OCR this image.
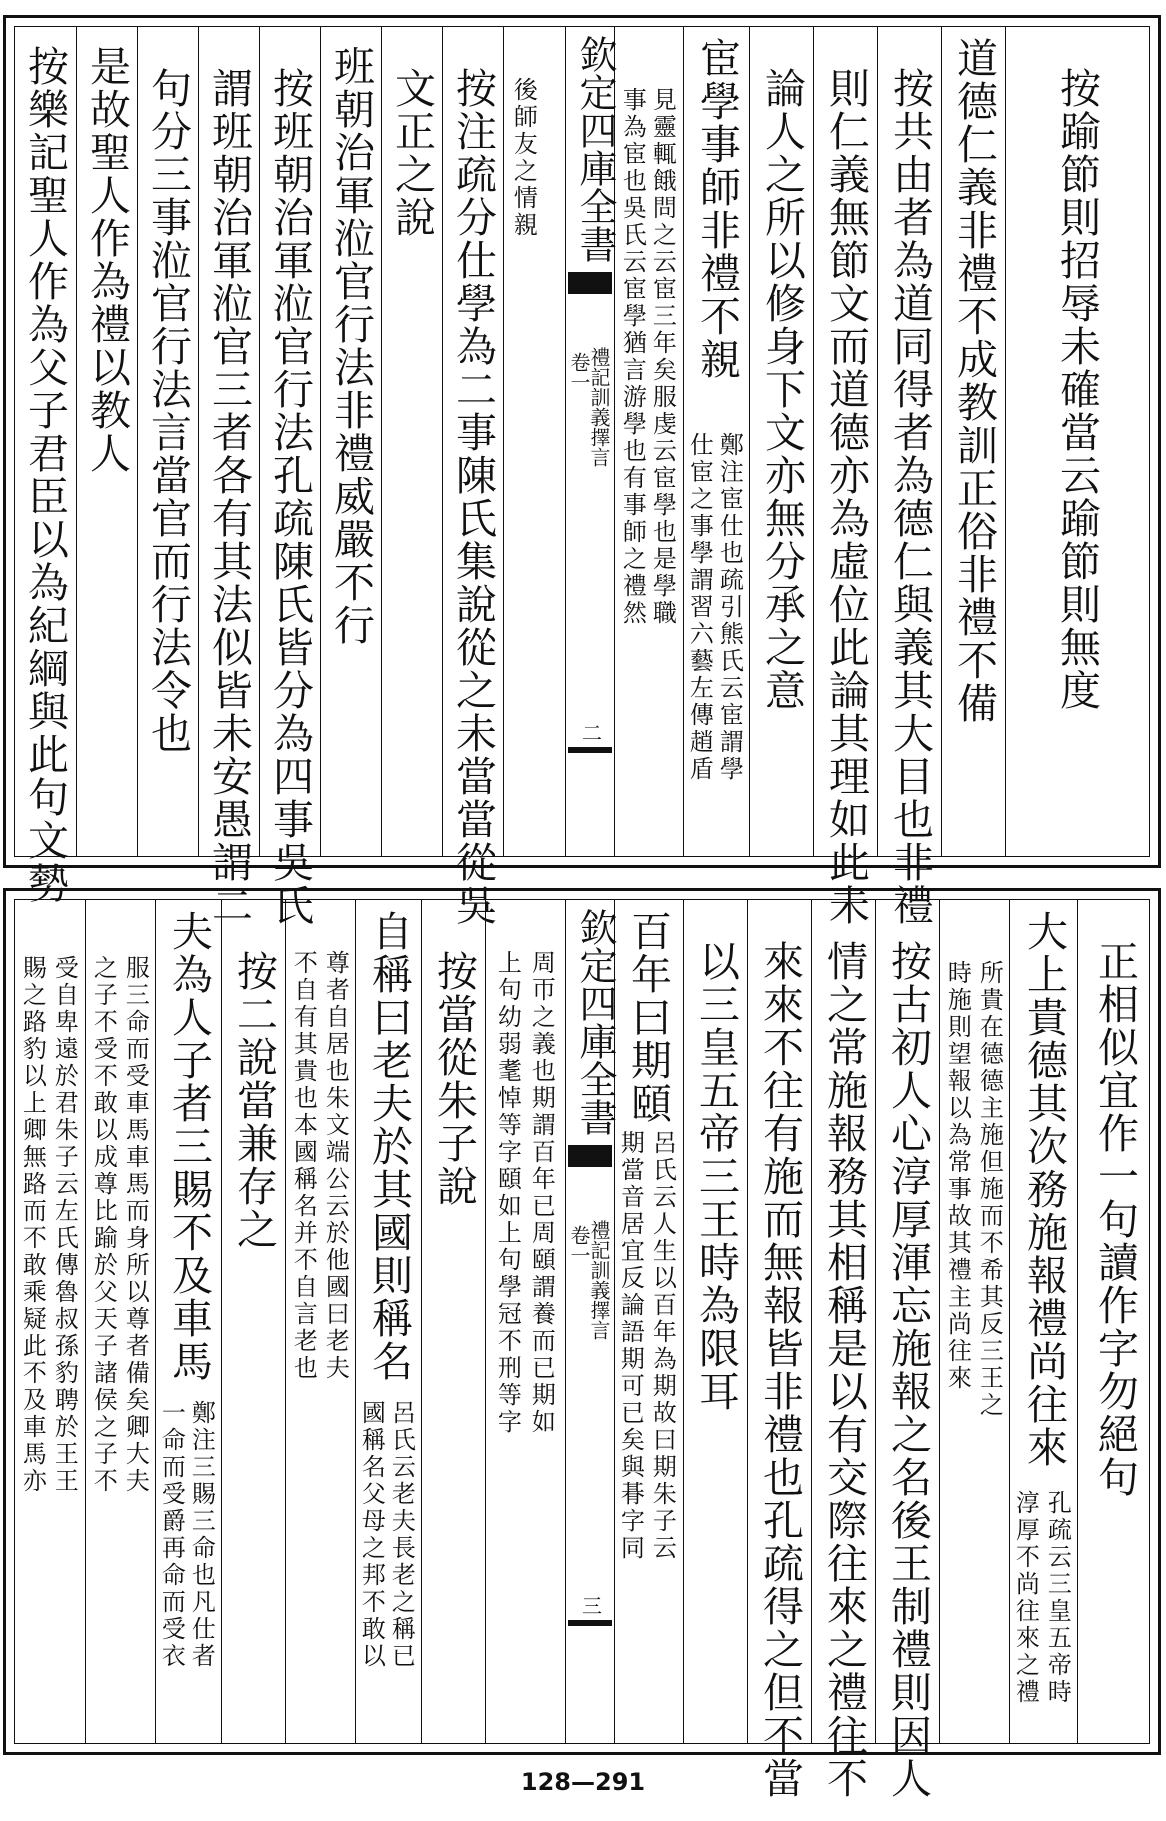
按樂記聖人作為父子君臣以為紀綱與此句文勢 是故聖人作為禮以教人 句分三事涖官行法言當官而行法令也 謂班朝治軍涖官三者各有其法似皆未安愚謂二 按班朝治軍涖官行法孔疏陳氏皆分為四事吳氏 班朝治軍涖官行法非禮威嚴不行 文正之說 按注疏分仕學為二事陳氏集說從之未當當從吳 後師友之情親 欽定四庫全書
禮記訓義擇言
卷一
二
事為宦也吳氏云宦學猶言游學也有事師之禮然 見靈輒餓問之云宦三年矣服虔云宦學也是學職 宦學事師非禮不親
仕宦之事學謂習六藝左傳趙盾 鄭注宦仕也疏引熊氏云宦謂學 論人之所以修身下文亦無分承之意 則仁義無節文而道德亦為虛位此論其理如此未 按共由者為道同得者為德仁與義其大目也非禮 道德仁義非禮不成教訓正俗非禮不備 按踰節則招辱未確當云踰節則無度
賜之路豹以上卿無路而不敢乘疑此不及車馬亦 受自卑遠於君朱子云左氏傳魯叔孫豹聘於王王 之子不受不敢以成尊比踰於父天子諸侯之子不 服三命而受車馬車馬而身所以尊者備矣卿大夫 夫為人子者三賜不及車馬
一命而受爵再命而受衣 鄭注三賜三命也凡仕者
按二說當兼存之 不自有其貴也本國稱名并不自言老也 尊者自居也朱文端公云於他國曰老夫 自稱曰老夫於其國則稱名
國稱名父母之邦不敢以 呂氏云老夫長老之稱已
按當從朱子說 上句幼弱耄悼等字頤如上句學冠不刑等字 周帀之義也期謂百年已周頤謂養而已期如 欽定四庫全書
禮記訓義擇言
卷一
三
百年曰期頤
期當音居宜反論語期可已矣與朞字同 呂氏云人生以百年為期故曰期朱子云 以三皇五帝三王時為限耳 來來不往有施而無報皆非禮也孔疏得之但不當 情之常施報務其相稱是以有交際往來之禮往不 按古初人心淳厚渾忘施報之名後王制禮則因人 時施則望報以為常事故其禮主尚往來 所貴在德德主施但施而不希其反三王之 大上貴德其次務施報禮尚往來
淳厚不尚往來之禮 孔疏云三皇五帝時
正相似宜作一句讀作字勿絕句
128—291
